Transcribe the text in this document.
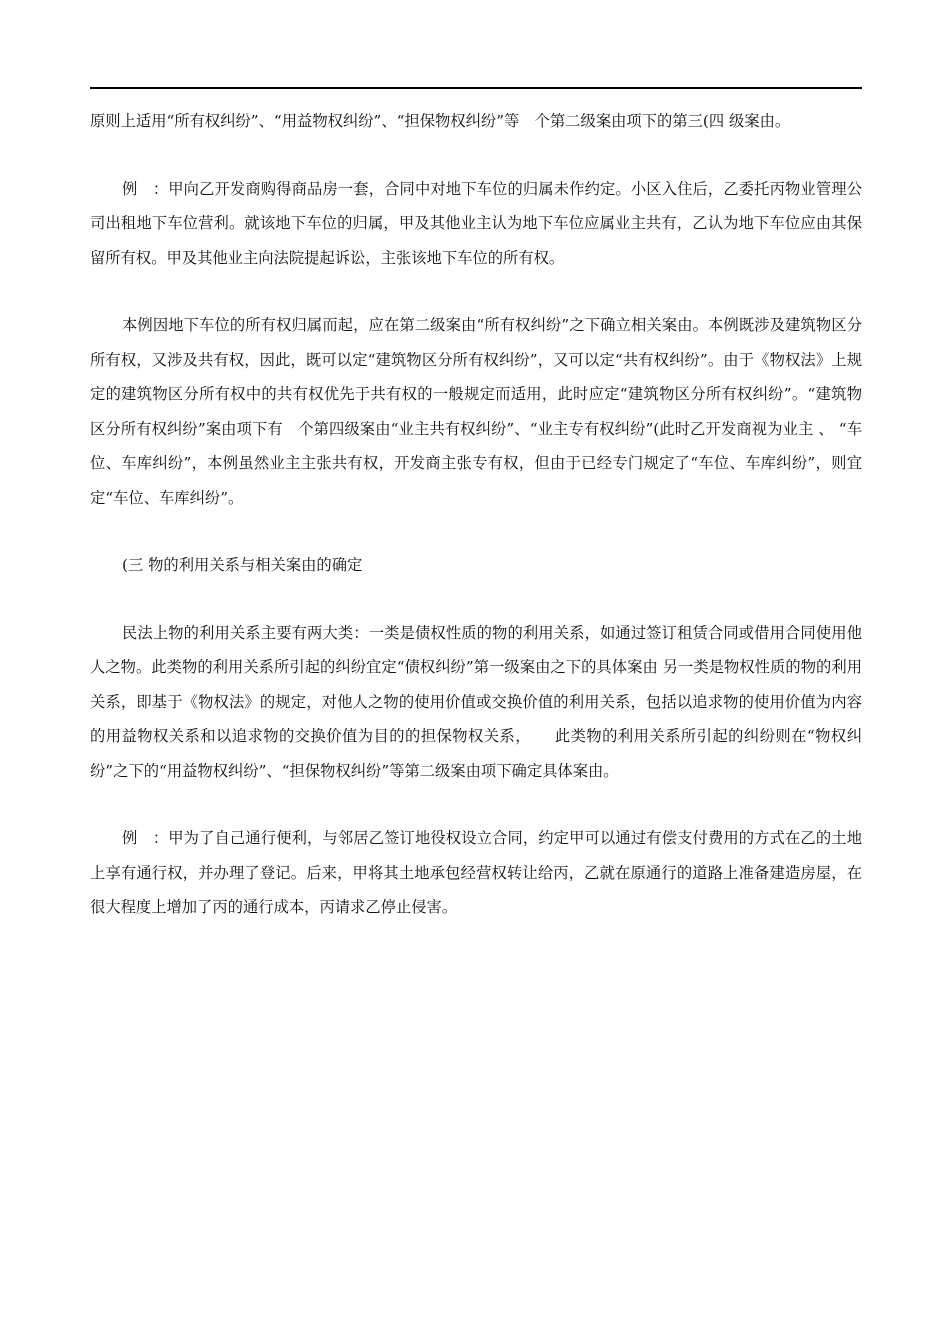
原则上适用“所有权纠纷”、“用益物权纠纷”、“担保物权纠纷”等　个第二级案由项下的第三(四 级案由。

例　：甲向乙开发商购得商品房一套，合同中对地下车位的归属未作约定。小区入住后，乙委托丙物业管理公司出租地下车位营利。就该地下车位的归属，甲及其他业主认为地下车位应属业主共有，乙认为地下车位应由其保留所有权。甲及其他业主向法院提起诉讼，主张该地下车位的所有权。

本例因地下车位的所有权归属而起，应在第二级案由“所有权纠纷”之下确立相关案由。本例既涉及建筑物区分所有权，又涉及共有权，因此，既可以定“建筑物区分所有权纠纷”，又可以定“共有权纠纷”。由于《物权法》上规定的建筑物区分所有权中的共有权优先于共有权的一般规定而适用，此时应定“建筑物区分所有权纠纷”。“建筑物区分所有权纠纷”案由项下有　个第四级案由“业主共有权纠纷”、“业主专有权纠纷”(此时乙开发商视为业主 、 “车位、车库纠纷”，本例虽然业主主张共有权，开发商主张专有权，但由于已经专门规定了“车位、车库纠纷”，则宜定“车位、车库纠纷”。

(三 物的利用关系与相关案由的确定

民法上物的利用关系主要有两大类：一类是债权性质的物的利用关系，如通过签订租赁合同或借用合同使用他人之物。此类物的利用关系所引起的纠纷宜定“债权纠纷”第一级案由之下的具体案由 另一类是物权性质的物的利用关系，即基于《物权法》的规定，对他人之物的使用价值或交换价值的利用关系，包括以追求物的使用价值为内容的用益物权关系和以追求物的交换价值为目的的担保物权关系，　　此类物的利用关系所引起的纠纷则在“物权纠纷”之下的“用益物权纠纷”、“担保物权纠纷”等第二级案由项下确定具体案由。

例　：甲为了自己通行便利，与邻居乙签订地役权设立合同，约定甲可以通过有偿支付费用的方式在乙的土地上享有通行权，并办理了登记。后来，甲将其土地承包经营权转让给丙，乙就在原通行的道路上准备建造房屋，在很大程度上增加了丙的通行成本，丙请求乙停止侵害。
